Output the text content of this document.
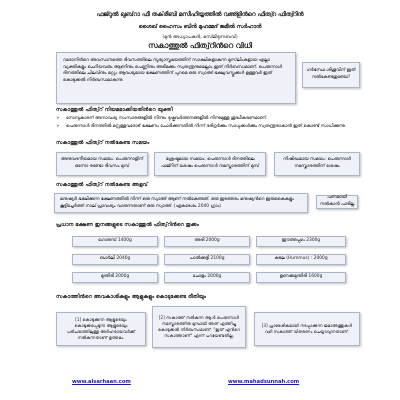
ഫജ്റുൽ ഖുബ്‌റാ ഫീ തക്‌രീബി മസീഹിയ്യത്തില്‍ വഅ്ളിന്‍റെ ഫിത്വ്റ ഫിത്വ്റിന്‍
ശൈഖ് ഹൈസം ബിന്‍ മുഹമ്മദ് ജമീല്‍ സർഹാന്‍
(മുന്‍ അധ്യാപകന്‍, മസ്ജിദുന്നബവി)
സകാത്തുല്‍ ഫിത്വ്‌റിന്‍റെ വിധി
റമദാനിന്‍റെ അവസാനത്തെ ദിവസത്തിലെ സൂര്യാസ്തമയത്തിന് സാക്ഷികളാകുന്ന മുസ്‌ലിംകളായ എല്ലാ വ്യക്തികളും ചെറിയവരും ആണിനും പെണ്ണിനും അടിമക്കും സ്വതന്ത്രനുമെല്ലാം ഇത് നിർബന്ധമാണ്. പെരുന്നാള്‍ ദിനത്തിലെ ചിലവിനും മറ്റും ആവശ്യമായ ഭക്ഷണത്തിന് പുറമെ ഒരു സ്വാഅ് ഭക്ഷ്യവസ്തുക്കള്‍ ഉള്ളവര്‍ ഇത് കൊടുക്കല്‍ നിർബന്ധമാകുന്നു.
ഗർഭസ്ഥ ശിശുവിന് ഇത് നല്‍കേണ്ടതുണ്ടോ?
സകാത്തുല്‍ ഫിത്വ്‌റ് നിയമമാക്കിയതിന്‍റെ യുക്തി
➢ നോമ്പുകാരന് അനാവശ്യ സംസാരങ്ങളില്‍ നിന്നും ദുഷ്പ്രവർത്തനങ്ങളില്‍ നിന്നുമുള്ള ശുദ്ധീകരണമാണ്.
➢ പെരുന്നാള്‍ ദിനത്തില്‍ മറ്റുള്ളവരോട് ഭക്ഷണം ചോദിക്കുന്നതില്‍ നിന്ന് ദരിദ്രർക്കും സാധുക്കള്‍ക്കും സ്വതന്ത്രരാകാന്‍ ഇത് കൊണ്ട് സാധിക്കുന്നു.
സകാത്തുല്‍ ഫിത്വ്‌റ് നല്‍കേണ്ട സമയം
അനുവദനീയമായ സമയം: പെരുന്നാളിന് ഒന്നോ രണ്ടോ ദിവസം മുമ്പ്
ശ്രേഷ്ഠമായ സമയം: പെരുന്നാള്‍ ദിനത്തിലെ ഫജ്റിന് ശേഷം പെരുന്നാള്‍ നമസ്കാരത്തിന് മുമ്പ്
നിഷിദ്ധമായ സമയം: പെരുന്നാള്‍ നമസ്കാരത്തിന് ശേഷം
സകാത്തുല്‍ ഫിത്വ്‌റ് നല്‍കേണ്ട അളവ്
മനുഷ്യര്‍ ഭക്ഷിക്കുന്ന ഭക്ഷണത്തില്‍ നിന്ന് ഒരു സ്വാഅ് ആണ് നല്‍കേണ്ടത്. ഒരു ഇടത്തരം മനുഷ്യന്‍റെ ഇരുകൈകളും കൂട്ടിച്ചേര്‍ത്ത് നാല് പ്രാവശ്യം വാരുന്നതാണ് ഒരു സ്വാഅ്. (ഏകദേശം 2040 ഗ്രാം)
പണമായി നല്‍കാന്‍ പാടില്ല
പ്രധാന ഭക്ഷണ ഇനങ്ങളുടെ സകാത്തുല്‍ ഫിത്വ്‌റിന്‍റെ തൂക്കം
ഗോതമ്പ് 1400g	അരി 2000g	ഈത്തപ്പഴം 2300g
ബാർലി 2040g	പാല്‍ക്കട്ടി 2100g	കടല (Hummus) : 2000g
മുന്തിരി 2000g	ചോളം 2000g	ഉണക്കമുന്തിരി 1600g
സകാത്തിന്‍റെ അവകാശികളും ആളുകളും കൊടുക്കേണ്ട രീതിയും
[1] കൊടുക്കുന്ന ആളുടെയും കൊടുക്കപ്പെടുന്ന ആളുടെയും പരിചയത്തിലുള്ള അർഹരായവർക്ക് നല്‍കുന്നതാണ് ഉത്തമം.
[2] സകാത്ത് നല്‍കുന്ന ആള്‍ പെരുന്നാള്‍ നമസ്കാരത്തിനു മുമ്പായി അത് എത്തിച്ചു കൊടുക്കല്‍ നിർബന്ധമാണ്. "ഇത് എന്‍റെ സകാത്താണ്" എന്ന് പറയേണ്ടതില്ല.
[3] പ്രാദേശികമായി നടപ്പാക്കുന്ന ജമാഅത്തുകള്‍ വഴി സകാത്ത് വിതരണം ചെയ്യാവുന്നതാണ്.
www.alsarhaan.com	www.mahadsunnah.com
